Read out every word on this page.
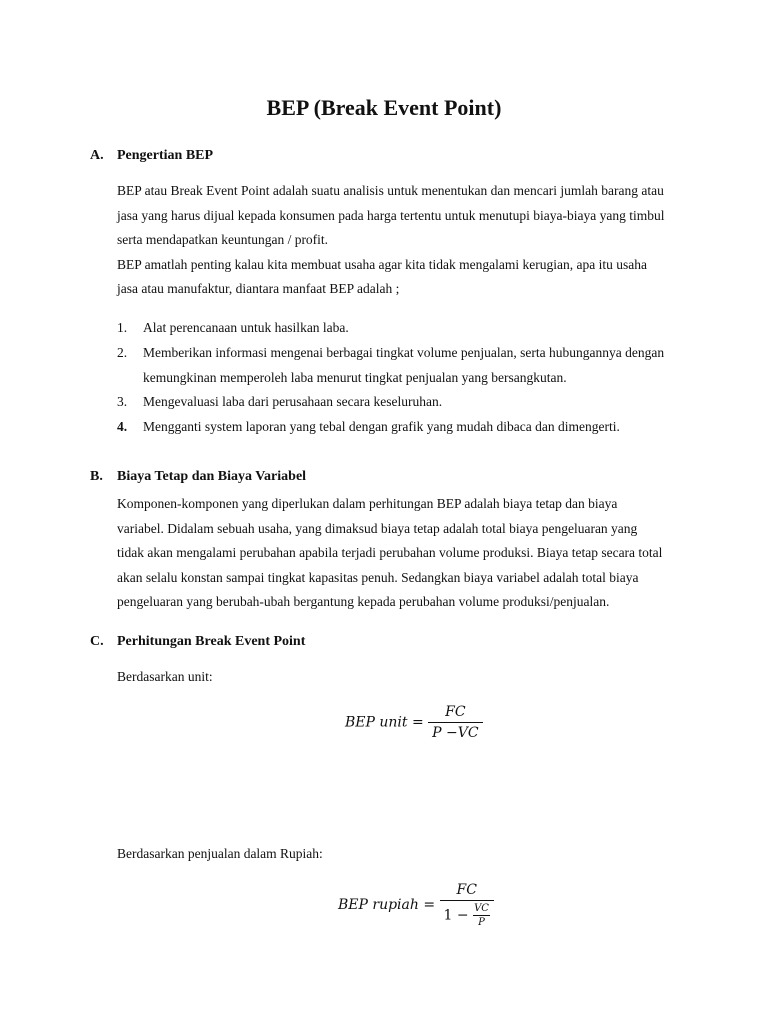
BEP (Break Event Point)
A. Pengertian BEP
BEP atau Break Event Point adalah suatu analisis untuk menentukan dan mencari jumlah barang atau
jasa yang harus dijual kepada konsumen pada harga tertentu untuk menutupi biaya-biaya yang timbul
serta mendapatkan keuntungan / profit.
BEP amatlah penting kalau kita membuat usaha agar kita tidak mengalami kerugian, apa itu usaha
jasa atau manufaktur, diantara manfaat BEP adalah ;
1. Alat perencanaan untuk hasilkan laba.
2. Memberikan informasi mengenai berbagai tingkat volume penjualan, serta hubungannya dengan
kemungkinan memperoleh laba menurut tingkat penjualan yang bersangkutan.
3. Mengevaluasi laba dari perusahaan secara keseluruhan.
4. Mengganti system laporan yang tebal dengan grafik yang mudah dibaca dan dimengerti.
B. Biaya Tetap dan Biaya Variabel
Komponen-komponen yang diperlukan dalam perhitungan BEP adalah biaya tetap dan biaya
variabel. Didalam sebuah usaha, yang dimaksud biaya tetap adalah total biaya pengeluaran yang
tidak akan mengalami perubahan apabila terjadi perubahan volume produksi. Biaya tetap secara total
akan selalu konstan sampai tingkat kapasitas penuh. Sedangkan biaya variabel adalah total biaya
pengeluaran yang berubah-ubah bergantung kepada perubahan volume produksi/penjualan.
C. Perhitungan Break Event Point
Berdasarkan unit:
BEP unit = $\frac{FC}{P -VC}$
Berdasarkan penjualan dalam Rupiah:
BEP rupiah = $\frac{FC}{1 - \frac{VC}{P}}$
